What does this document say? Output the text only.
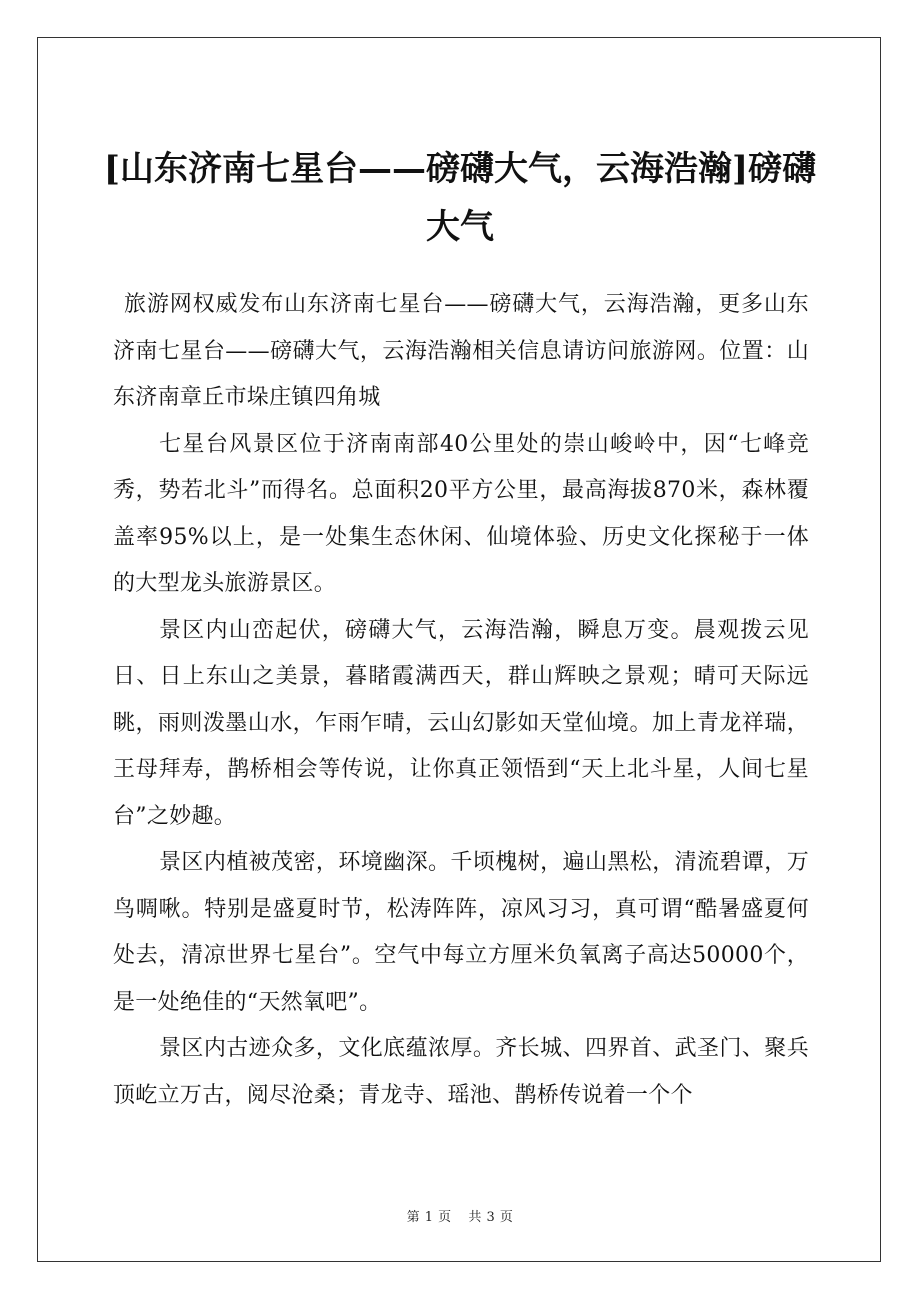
[山东济南七星台——磅礴大气，云海浩瀚]磅礴大气

旅游网权威发布山东济南七星台——磅礴大气，云海浩瀚，更多山东济南七星台——磅礴大气，云海浩瀚相关信息请访问旅游网。位置：山东济南章丘市垛庄镇四角城

七星台风景区位于济南南部40公里处的崇山峻岭中，因“七峰竞秀，势若北斗”而得名。总面积20平方公里，最高海拔870米，森林覆盖率95%以上，是一处集生态休闲、仙境体验、历史文化探秘于一体的大型龙头旅游景区。

景区内山峦起伏，磅礴大气，云海浩瀚，瞬息万变。晨观拨云见日、日上东山之美景，暮睹霞满西天，群山辉映之景观；晴可天际远眺，雨则泼墨山水，乍雨乍晴，云山幻影如天堂仙境。加上青龙祥瑞，王母拜寿，鹊桥相会等传说，让你真正领悟到“天上北斗星，人间七星台”之妙趣。

景区内植被茂密，环境幽深。千顷槐树，遍山黑松，清流碧谭，万鸟啁啾。特别是盛夏时节，松涛阵阵，凉风习习，真可谓“酷暑盛夏何处去，清凉世界七星台”。空气中每立方厘米负氧离子高达50000个，是一处绝佳的“天然氧吧”。

景区内古迹众多，文化底蕴浓厚。齐长城、四界首、武圣门、聚兵顶屹立万古，阅尽沧桑；青龙寺、瑶池、鹊桥传说着一个个

第 1 页 共 3 页
